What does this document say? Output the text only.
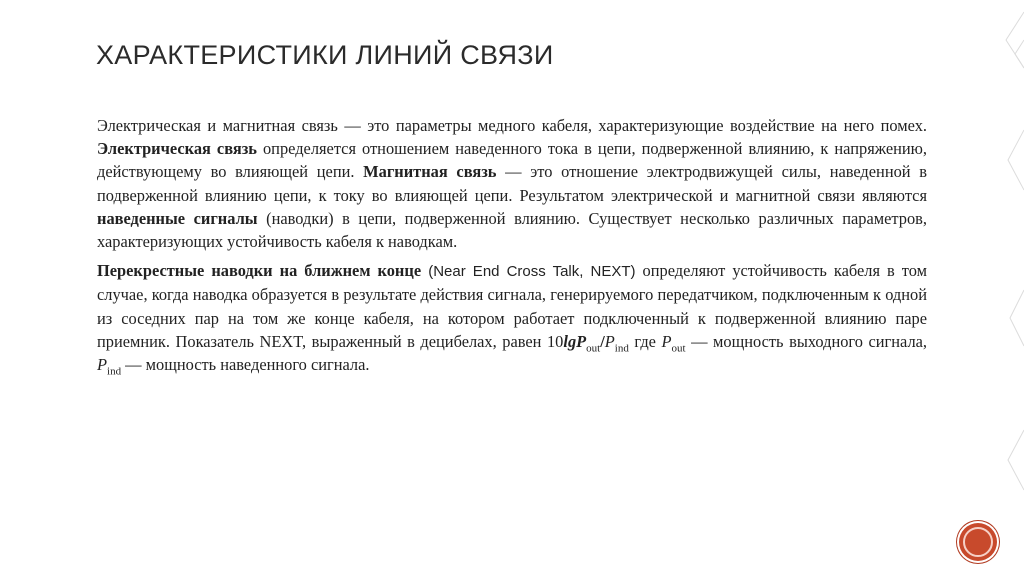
ХАРАКТЕРИСТИКИ ЛИНИЙ СВЯЗИ

Электрическая и магнитная связь — это параметры медного кабеля, характеризующие воздействие на него помех. Электрическая связь определяется отношением наведенного тока в цепи, подверженной влиянию, к напряжению, действующему во влияющей цепи. Магнитная связь — это отношение электродвижущей силы, наведенной в подверженной влиянию цепи, к току во влияющей цепи. Результатом электрической и магнитной связи являются наведенные сигналы (наводки) в цепи, подверженной влиянию. Существует несколько различных параметров, характеризующих устойчивость кабеля к наводкам.

Перекрестные наводки на ближнем конце (Near End Cross Talk, NEXT) определяют устойчивость кабеля в том случае, когда наводка образуется в результате действия сигнала, генерируемого передатчиком, подключенным к одной из соседних пар на том же конце кабеля, на котором работает подключенный к подверженной влиянию паре приемник. Показатель NEXT, выраженный в децибелах, равен $10\lg P_{out}/P_{ind}$ где $P_{out}$ — мощность выходного сигнала, $P_{ind}$ — мощность наведенного сигнала.
